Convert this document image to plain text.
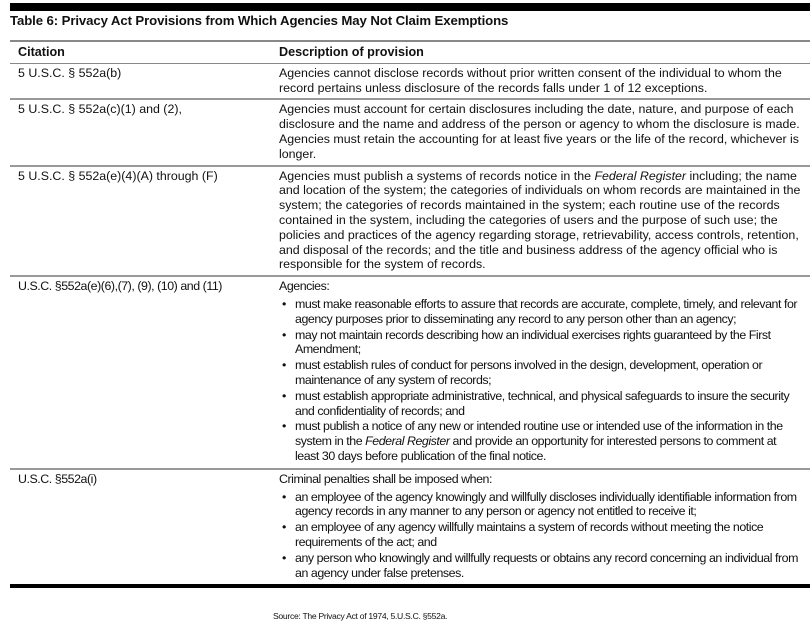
Table 6: Privacy Act Provisions from Which Agencies May Not Claim Exemptions
Citation	Description of provision
5 U.S.C. § 552a(b)	Agencies cannot disclose records without prior written consent of the individual to whom the record pertains unless disclosure of the records falls under 1 of 12 exceptions.
5 U.S.C. § 552a(c)(1) and (2),	Agencies must account for certain disclosures including the date, nature, and purpose of each disclosure and the name and address of the person or agency to whom the disclosure is made. Agencies must retain the accounting for at least five years or the life of the record, whichever is longer.
5 U.S.C. § 552a(e)(4)(A) through (F)	Agencies must publish a systems of records notice in the Federal Register including; the name and location of the system; the categories of individuals on whom records are maintained in the system; the categories of records maintained in the system; each routine use of the records contained in the system, including the categories of users and the purpose of such use; the policies and practices of the agency regarding storage, retrievability, access controls, retention, and disposal of the records; and the title and business address of the agency official who is responsible for the system of records.
U.S.C. §552a(e)(6),(7), (9), (10) and (11)	Agencies:
• must make reasonable efforts to assure that records are accurate, complete, timely, and relevant for agency purposes prior to disseminating any record to any person other than an agency;
• may not maintain records describing how an individual exercises rights guaranteed by the First Amendment;
• must establish rules of conduct for persons involved in the design, development, operation or maintenance of any system of records;
• must establish appropriate administrative, technical, and physical safeguards to insure the security and confidentiality of records; and
• must publish a notice of any new or intended routine use or intended use of the information in the system in the Federal Register and provide an opportunity for interested persons to comment at least 30 days before publication of the final notice.

U.S.C. §552a(i)	Criminal penalties shall be imposed when:
• an employee of the agency knowingly and willfully discloses individually identifiable information from agency records in any manner to any person or agency not entitled to receive it;
• an employee of any agency willfully maintains a system of records without meeting the notice requirements of the act; and
• any person who knowingly and willfully requests or obtains any record concerning an individual from an agency under false pretenses.
Source: The Privacy Act of 1974, 5.U.S.C. §552a.
